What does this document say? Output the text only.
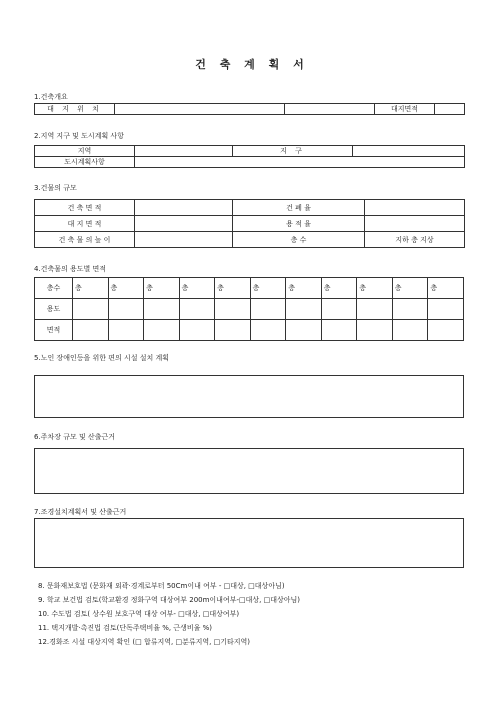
건 축 계 획 서
1.건축개요
대 지 위 치			대지면적	
2.지역 지구 및 도시계획 사항
지역		지 구	
도시계획사항			
3.건물의 규모
건 축 면 적		건 폐 율	
대 지 면 적		용 적 율	
건 축 물 의 높 이		층 수	지하 층 지상
4.건축물의 용도별 면적
층수	층	층	층	층	층	층	층	층	층	층	층
용도											
면적											
5.노인 장애인등을 위한 편의 시설 설치 계획
6.주차장 규모 및 산출근거
7.조경설치계획서 및 산출근거
8. 문화재보호법 (문화재 외곽·경계로부터 50Cm이내 여부 - □대상, □대상아님)
9. 학교 보건법 검토(학교환경 정화구역 대상여부 200m이내여부-□대상, □대상아님)
10. 수도법 검토( 상수원 보호구역 대상 여부- □대상, □대상여부)
11. 택지개발·촉진법 검토(단독주택비율 %, 근생비율 %)
12.경화조 시설 대상지역 확인 (□ 합류지역, □분류지역, □기타지역)
